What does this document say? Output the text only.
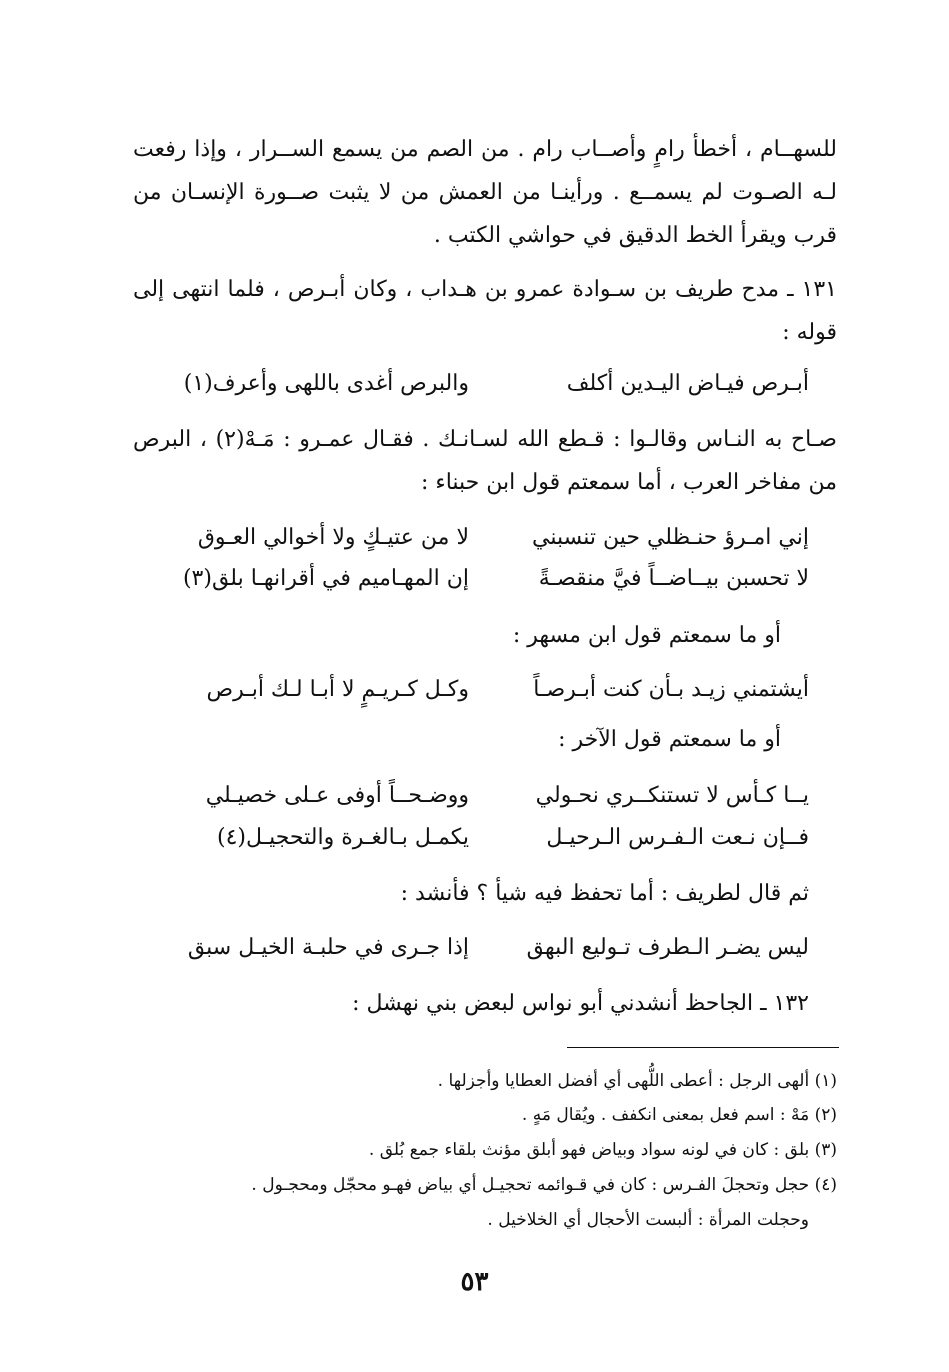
للسهــام ، أخطأ رامٍ وأصــاب رام . من الصم من يسمع الســرار ، وإذا رفعت لـه الصـوت لم يسمــع . ورأينـا من العمش من لا يثبت صــورة الإنسـان من قرب ويقرأ الخط الدقيق في حواشي الكتب .
١٣١ ـ مدح طريف بن سـوادة عمرو بن هـداب ، وكان أبـرص ، فلما انتهى إلى قوله :
أبـرص فيـاض اليـدين أكلف
والبرص أغدى باللهى وأعرف(١)
صـاح به النـاس وقالـوا : قـطع الله لسـانـك . فقـال عمـرو : مَـهْ(٢) ، البرص من مفاخر العرب ، أما سمعتم قول ابن حبناء :
إني امـرؤ حنـظلي حين تنسبني
لا من عتيـكٍ ولا أخوالي العـوق
لا تحسبن بيــاضــاً فيَّ منقصـةً
إن المهـاميم في أقرانهـا بلق(٣)
أو ما سمعتم قول ابن مسهر :
أيشتمني زيـد بـأن كنت أبـرصـاً
وكـل كـريـمٍ لا أبـا لـك أبـرص
أو ما سمعتم قول الآخر :
يــا كـأس لا تستنكــري نحـولي
ووضـحــاً أوفى عـلى خصيـلي
فــإن نـعت الـفـرس الـرحيـل
يكمـل بـالغـرة والتحجيـل(٤)
ثم قال لطريف : أما تحفظ فيه شيأ ؟ فأنشد :
ليس يضـر الـطرف تـوليع البهق
إذا جـرى في حلبـة الخيـل سبق
١٣٢ ـ الجاحظ أنشدني أبو نواس لبعض بني نهشل :
(١) ألهى الرجل : أعطى اللُّهى أي أفضل العطايا وأجزلها .
(٢) مَهْ : اسم فعل بمعنى انكفف . ويُقال مَهٍ .
(٣) بلق : كان في لونه سواد وبياض فهو أبلق مؤنث بلقاء جمع بُلق .
(٤) حجل وتحجلَ الفـرس : كان في قـوائمه تحجيـل أي بياض فهـو محجّل ومحجـول .
وحجلت المرأة : ألبست الأحجال أي الخلاخيل .
٥٣
